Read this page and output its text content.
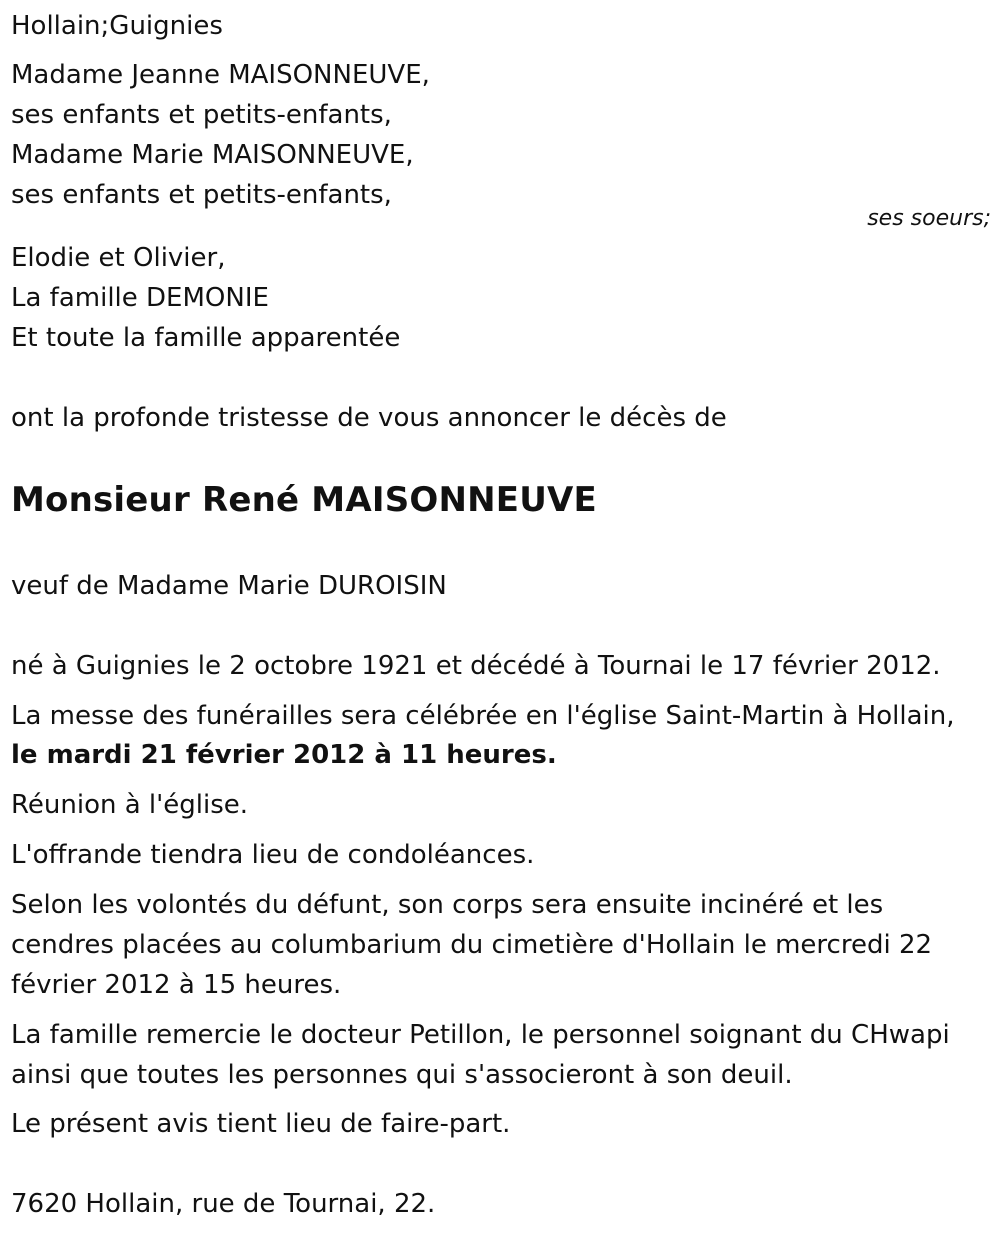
Hollain;Guignies
Madame Jeanne MAISONNEUVE,
ses enfants et petits-enfants,
Madame Marie MAISONNEUVE,
ses enfants et petits-enfants,
Elodie et Olivier,
La famille DEMONIE
Et toute la famille apparentée
ont la profonde tristesse de vous annoncer le décès de
Monsieur René MAISONNEUVE
veuf de Madame Marie DUROISIN
né à Guignies le 2 octobre 1921 et décédé à Tournai le 17 février 2012.
La messe des funérailles sera célébrée en l'église Saint-Martin à Hollain,
le mardi 21 février 2012 à 11 heures.
Réunion à l'église.
L'offrande tiendra lieu de condoléances.
Selon les volontés du défunt, son corps sera ensuite incinéré et les
cendres placées au columbarium du cimetière d'Hollain le mercredi 22
février 2012 à 15 heures.
La famille remercie le docteur Petillon, le personnel soignant du CHwapi
ainsi que toutes les personnes qui s'associeront à son deuil.
Le présent avis tient lieu de faire-part.
7620 Hollain, rue de Tournai, 22.
ses soeurs;
